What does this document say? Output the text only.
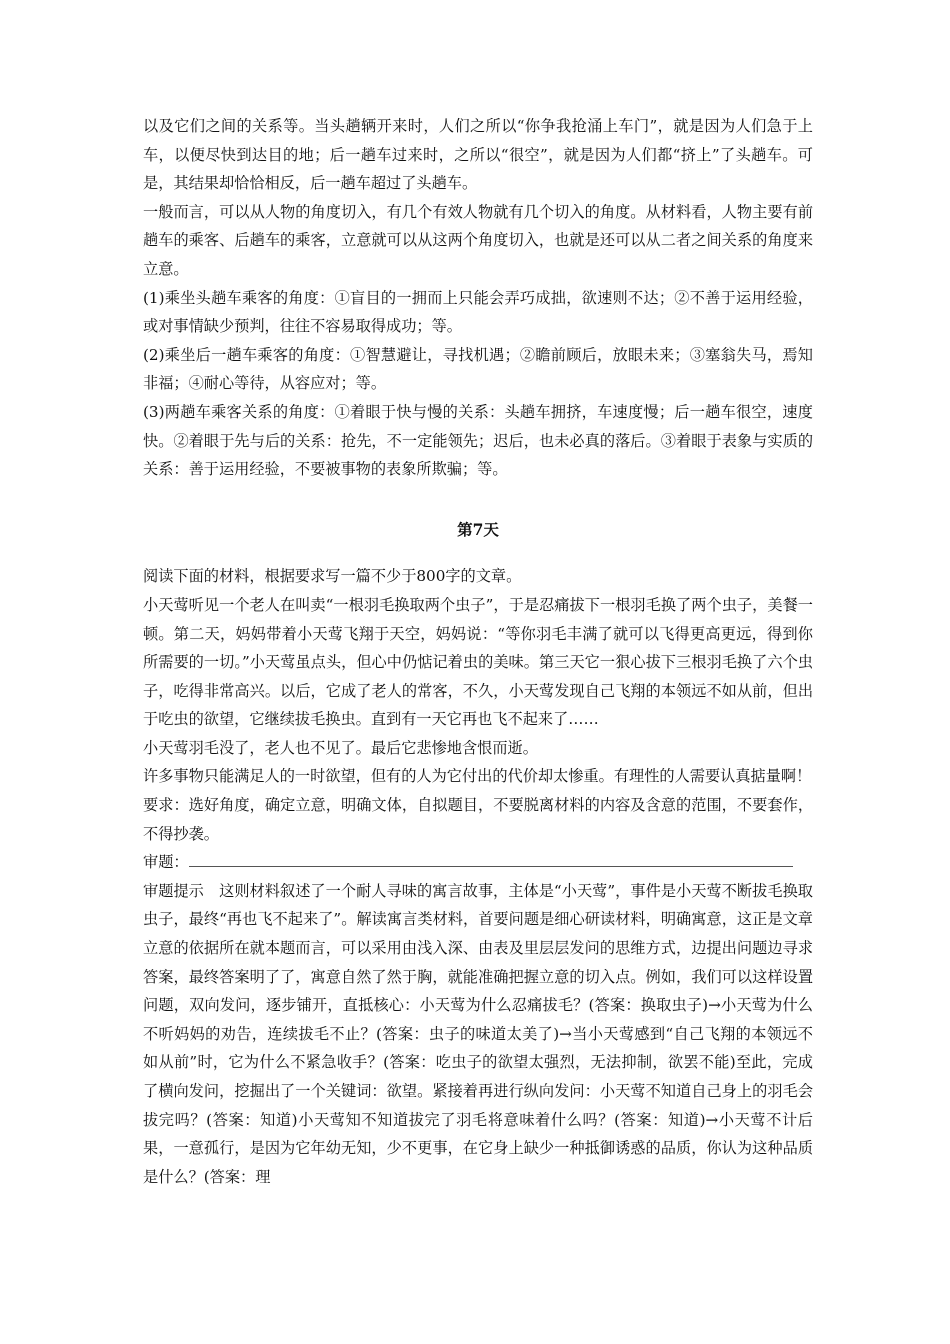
以及它们之间的关系等。当头趟辆开来时，人们之所以“你争我抢涌上车门”，就是因为人们急于上车，以便尽快到达目的地；后一趟车过来时，之所以“很空”，就是因为人们都“挤上”了头趟车。可是，其结果却恰恰相反，后一趟车超过了头趟车。

一般而言，可以从人物的角度切入，有几个有效人物就有几个切入的角度。从材料看，人物主要有前趟车的乘客、后趟车的乘客，立意就可以从这两个角度切入，也就是还可以从二者之间关系的角度来立意。

(1)乘坐头趟车乘客的角度：①盲目的一拥而上只能会弄巧成拙，欲速则不达；②不善于运用经验，或对事情缺少预判，往往不容易取得成功；等。

(2)乘坐后一趟车乘客的角度：①智慧避让，寻找机遇；②瞻前顾后，放眼未来；③塞翁失马，焉知非福；④耐心等待，从容应对；等。

(3)两趟车乘客关系的角度：①着眼于快与慢的关系：头趟车拥挤，车速度慢；后一趟车很空，速度快。②着眼于先与后的关系：抢先，不一定能领先；迟后，也未必真的落后。③着眼于表象与实质的关系：善于运用经验，不要被事物的表象所欺骗；等。

第7天

阅读下面的材料，根据要求写一篇不少于800字的文章。

小天莺听见一个老人在叫卖“一根羽毛换取两个虫子”，于是忍痛拔下一根羽毛换了两个虫子，美餐一顿。第二天，妈妈带着小天莺飞翔于天空，妈妈说：“等你羽毛丰满了就可以飞得更高更远，得到你所需要的一切。”小天莺虽点头，但心中仍惦记着虫的美味。第三天它一狠心拔下三根羽毛换了六个虫子，吃得非常高兴。以后，它成了老人的常客，不久，小天莺发现自己飞翔的本领远不如从前，但出于吃虫的欲望，它继续拔毛换虫。直到有一天它再也飞不起来了……

小天莺羽毛没了，老人也不见了。最后它悲惨地含恨而逝。

许多事物只能满足人的一时欲望，但有的人为它付出的代价却太惨重。有理性的人需要认真掂量啊！

要求：选好角度，确定立意，明确文体，自拟题目，不要脱离材料的内容及含意的范围，不要套作，不得抄袭。

审题：

审题提示　这则材料叙述了一个耐人寻味的寓言故事，主体是“小天莺”，事件是小天莺不断拔毛换取虫子，最终“再也飞不起来了”。解读寓言类材料，首要问题是细心研读材料，明确寓意，这正是文章立意的依据所在就本题而言，可以采用由浅入深、由表及里层层发问的思维方式，边提出问题边寻求答案，最终答案明了了，寓意自然了然于胸，就能准确把握立意的切入点。例如，我们可以这样设置问题，双向发问，逐步铺开，直抵核心：小天莺为什么忍痛拔毛？(答案：换取虫子)→小天莺为什么不听妈妈的劝告，连续拔毛不止？(答案：虫子的味道太美了)→当小天莺感到“自己飞翔的本领远不如从前”时，它为什么不紧急收手？(答案：吃虫子的欲望太强烈，无法抑制，欲罢不能)至此，完成了横向发问，挖掘出了一个关键词：欲望。紧接着再进行纵向发问：小天莺不知道自己身上的羽毛会拔完吗？(答案：知道)小天莺知不知道拔完了羽毛将意味着什么吗？(答案：知道)→小天莺不计后果，一意孤行，是因为它年幼无知，少不更事，在它身上缺少一种抵御诱惑的品质，你认为这种品质是什么？(答案：理
